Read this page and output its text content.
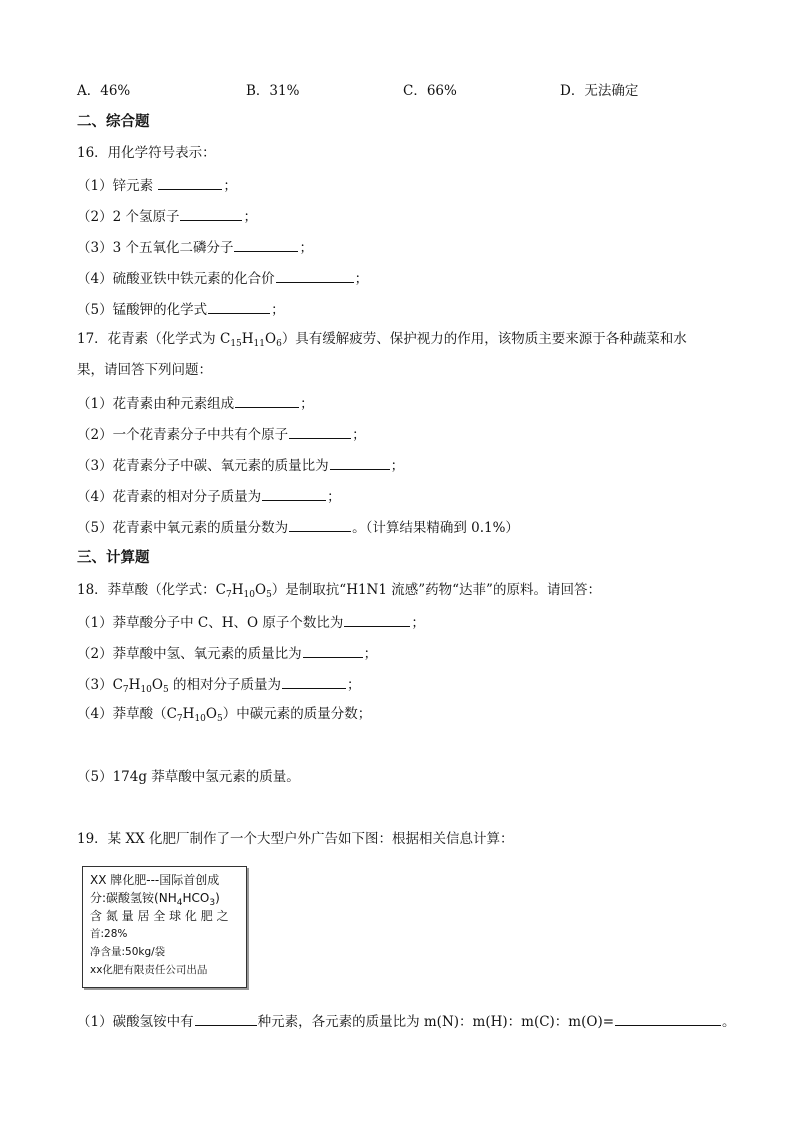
A．46%	B．31%	C．66%	D．无法确定
二、综合题
16．用化学符号表示：
（1）锌元素	；
（2）2 个氢原子	；
（3）3 个五氧化二磷分子	；
（4）硫酸亚铁中铁元素的化合价	；
（5）锰酸钾的化学式	；
17．花青素（化学式为 $C_{15}H_{11}O_6$）具有缓解疲劳、保护视力的作用，该物质主要来源于各种蔬菜和水
果，请回答下列问题：
（1）花青素由种元素组成	；
（2）一个花青素分子中共有个原子	；
（3）花青素分子中碳、氧元素的质量比为	；
（4）花青素的相对分子质量为	；
（5）花青素中氧元素的质量分数为	。（计算结果精确到 0.1%）
三、计算题
18．莽草酸（化学式：$C_7H_{10}O_5$）是制取抗“H1N1 流感”药物“达菲”的原料。请回答：
（1）莽草酸分子中 C、H、O 原子个数比为	；
（2）莽草酸中氢、氧元素的质量比为	；
$(3)C_7H_{10}O_5$ 的相对分子质量为	；
（4）莽草酸$(C_7H_{10}O_5)$中碳元素的质量分数；
（5）174g 莽草酸中氢元素的质量。
19．某 XX 化肥厂制作了一个大型户外广告如下图：根据相关信息计算：
XX 牌化肥---国际首创成
分:碳酸氢铵$(NH_4HCO_3)$
含 氮 量 居 全 球 化 肥 之
首:28%
净含量:50kg/袋
xx化肥有限责任公司出品
（1）碳酸氢铵中有	种元素，各元素的质量比为 m(N)：m(H)：m(C)：m(O)=	。
